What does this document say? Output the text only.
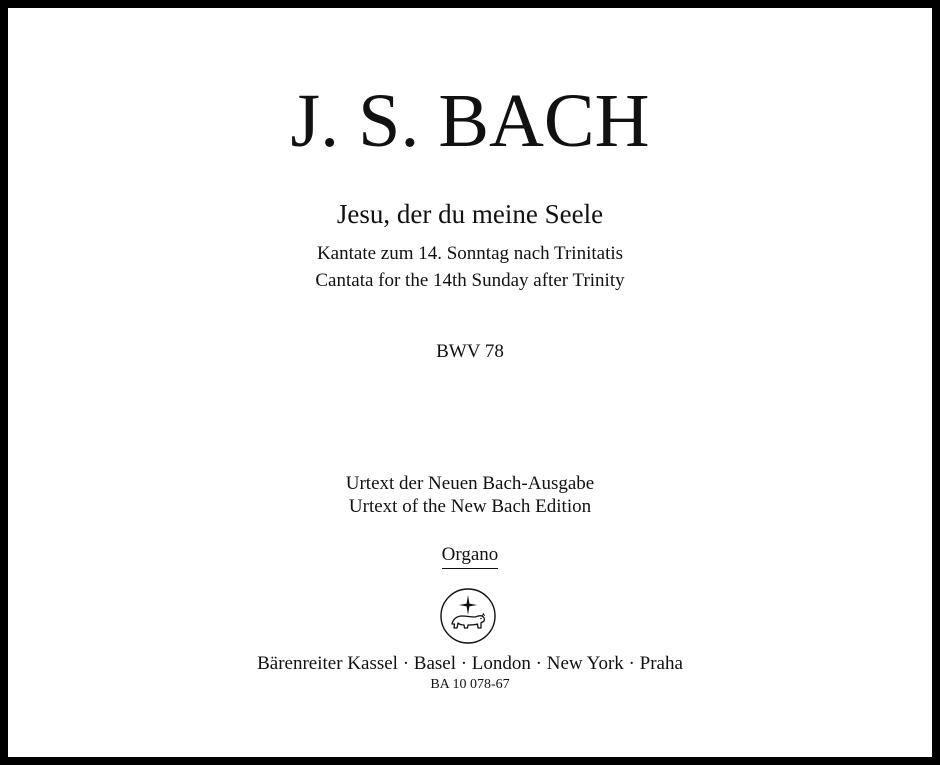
J. S. BACH
Jesu, der du meine Seele
Kantate zum 14. Sonntag nach Trinitatis
Cantata for the 14th Sunday after Trinity
BWV 78
Urtext der Neuen Bach-Ausgabe
Urtext of the New Bach Edition
Organo
Bärenreiter Kassel · Basel · London · New York · Praha
BA 10 078-67
